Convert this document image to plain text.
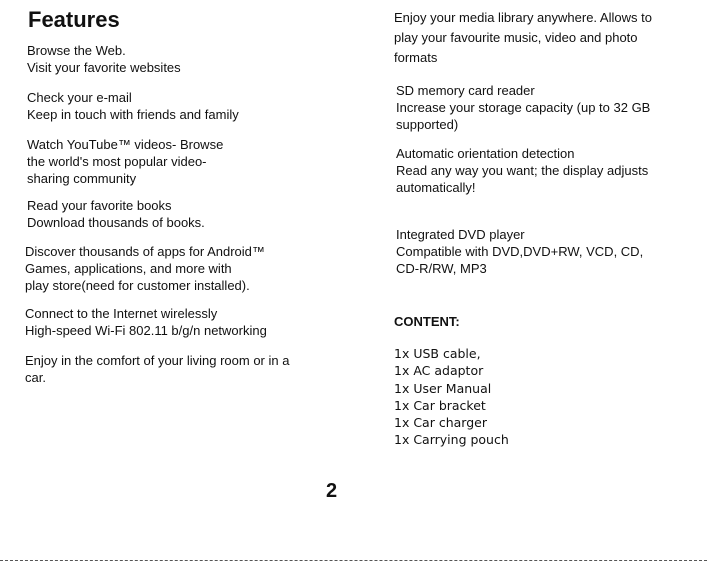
Features

Browse the Web.

Visit your favorite websites

Check your e-mail

Keep in touch with friends and family

Watch YouTube™ videos- Browse

the world's most popular video-

sharing community

Read your favorite books

Download thousands of books.

Discover thousands of apps for Android™

Games, applications, and more with

play store(need for customer installed).

Connect to the Internet wirelessly

High-speed Wi-Fi 802.11 b/g/n networking

Enjoy in the comfort of your living room or in a

car.

Enjoy your media library anywhere. Allows to

play your favourite music, video and photo

formats

SD memory card reader

Increase your storage capacity (up to 32 GB

supported)

Automatic orientation detection

Read any way you want; the display adjusts

automatically!

Integrated DVD player

Compatible with DVD,DVD+RW, VCD, CD,

CD-R/RW, MP3

CONTENT:
1x USB cable,
1x AC adaptor
1x User Manual
1x Car bracket
1x Car charger
1x Carrying pouch
2
